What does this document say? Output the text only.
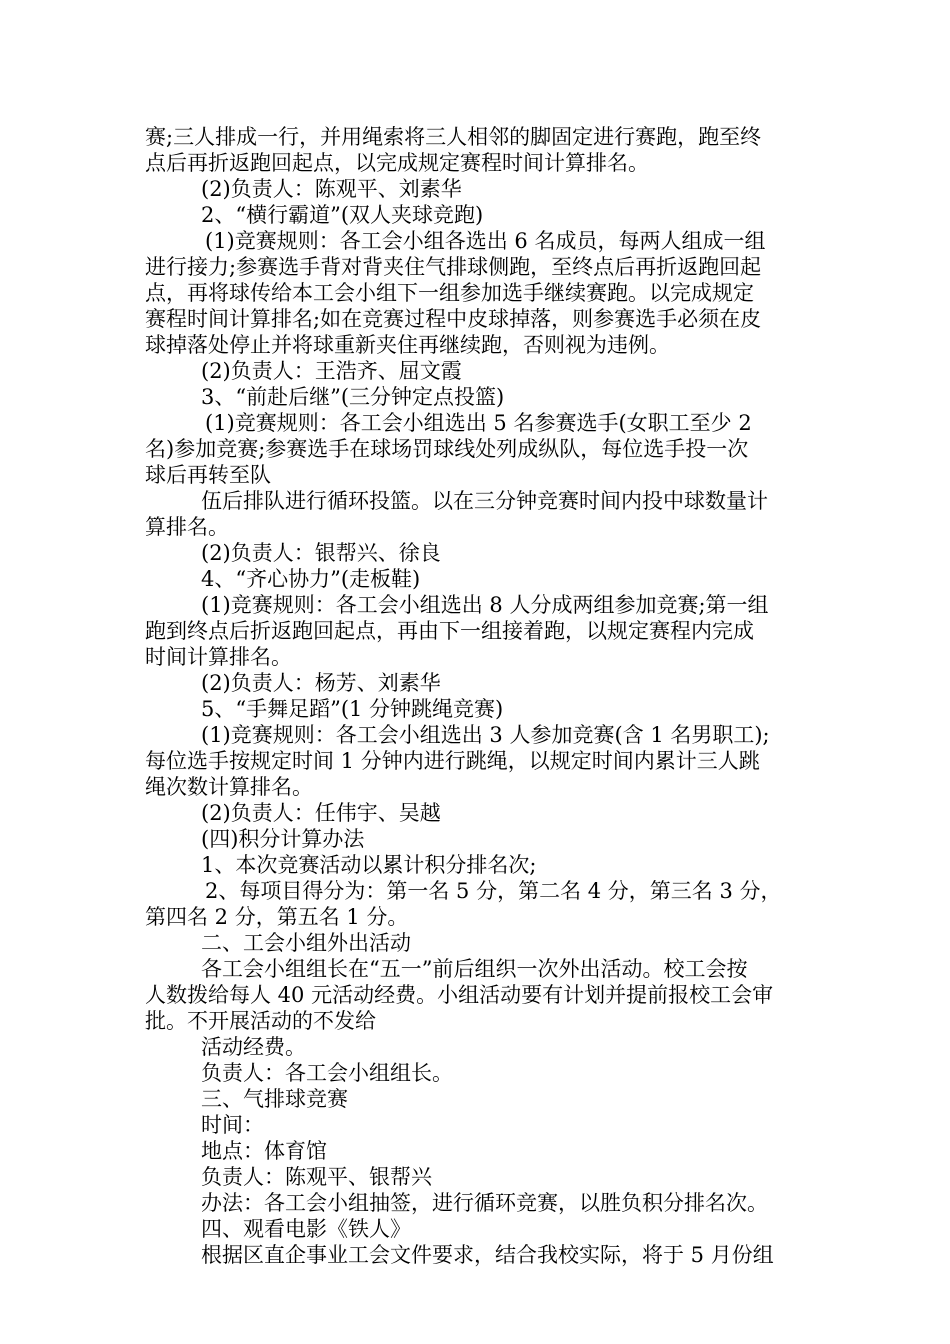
赛;三人排成一行，并用绳索将三人相邻的脚固定进行赛跑，跑至终
点后再折返跑回起点，以完成规定赛程时间计算排名。
(2)负责人：陈观平、刘素华
2、“横行霸道”(双人夹球竞跑)
(1)竞赛规则：各工会小组各选出 6 名成员，每两人组成一组
进行接力;参赛选手背对背夹住气排球侧跑，至终点后再折返跑回起
点，再将球传给本工会小组下一组参加选手继续赛跑。以完成规定
赛程时间计算排名;如在竞赛过程中皮球掉落，则参赛选手必须在皮
球掉落处停止并将球重新夹住再继续跑，否则视为违例。
(2)负责人：王浩齐、屈文霞
3、“前赴后继”(三分钟定点投篮)
(1)竞赛规则：各工会小组选出 5 名参赛选手(女职工至少 2
名)参加竞赛;参赛选手在球场罚球线处列成纵队，每位选手投一次
球后再转至队
伍后排队进行循环投篮。以在三分钟竞赛时间内投中球数量计
算排名。
(2)负责人：银帮兴、徐良
4、“齐心协力”(走板鞋)
(1)竞赛规则：各工会小组选出 8 人分成两组参加竞赛;第一组
跑到终点后折返跑回起点，再由下一组接着跑，以规定赛程内完成
时间计算排名。
(2)负责人：杨芳、刘素华
5、“手舞足蹈”(1 分钟跳绳竞赛)
(1)竞赛规则：各工会小组选出 3 人参加竞赛(含 1 名男职工);
每位选手按规定时间 1 分钟内进行跳绳，以规定时间内累计三人跳
绳次数计算排名。
(2)负责人：任伟宇、吴越
(四)积分计算办法
1、本次竞赛活动以累计积分排名次;
2、每项目得分为：第一名 5 分，第二名 4 分，第三名 3 分，
第四名 2 分，第五名 1 分。
二、工会小组外出活动
各工会小组组长在“五一”前后组织一次外出活动。校工会按
人数拨给每人 40 元活动经费。小组活动要有计划并提前报校工会审
批。不开展活动的不发给
活动经费。
负责人：各工会小组组长。
三、气排球竞赛
时间：
地点：体育馆
负责人：陈观平、银帮兴
办法：各工会小组抽签，进行循环竞赛，以胜负积分排名次。
四、观看电影《铁人》
根据区直企事业工会文件要求，结合我校实际，将于 5 月份组
